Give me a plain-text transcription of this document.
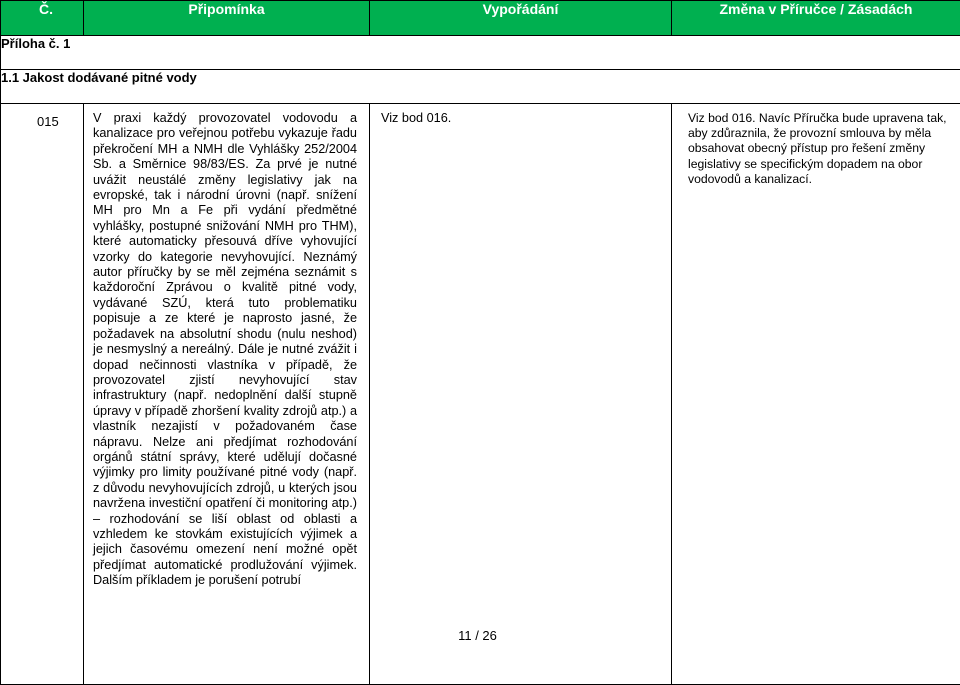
Č.	Připomínka	Vypořádání	Změna v Příručce / Zásadách
Příloha č. 1			
1.1 Jakost dodávané pitné vody			
015	V praxi každý provozovatel vodovodu a kanalizace pro veřejnou potřebu vykazuje řadu překročení MH a NMH dle Vyhlášky 252/2004 Sb. a Směrnice 98/83/ES. Za prvé je nutné uvážit neustálé změny legislativy jak na evropské, tak i národní úrovni (např. snížení MH pro Mn a Fe při vydání předmětné vyhlášky, postupné snižování NMH pro THM), které automaticky přesouvá dříve vyhovující vzorky do kategorie nevyhovující. Neznámý autor příručky by se měl zejména seznámit s každoroční Zprávou o kvalitě pitné vody, vydávané SZÚ, která tuto problematiku popisuje a ze které je naprosto jasné, že požadavek na absolutní shodu (nulu neshod) je nesmyslný a nereálný. Dále je nutné zvážit i dopad nečinnosti vlastníka v případě, že provozovatel zjistí nevyhovující stav infrastruktury (např. nedoplnění další stupně úpravy v případě zhoršení kvality zdrojů atp.) a vlastník nezajistí v požadovaném čase nápravu. Nelze ani předjímat rozhodování orgánů státní správy, které udělují dočasné výjimky pro limity používané pitné vody (např. z důvodu nevyhovujících zdrojů, u kterých jsou navržena investiční opatření či monitoring atp.) – rozhodování se liší oblast od oblasti a vzhledem ke stovkám existujících výjimek a jejich časovému omezení není možné opět předjímat automatické prodlužování výjimek. Dalším příkladem je porušení potrubí	Viz bod 016.	Viz bod 016. Navíc Příručka bude upravena tak, aby zdůraznila, že provozní smlouva by měla obsahovat obecný přístup pro řešení změny legislativy se specifickým dopadem na obor vodovodů a kanalizací.
11 / 26
